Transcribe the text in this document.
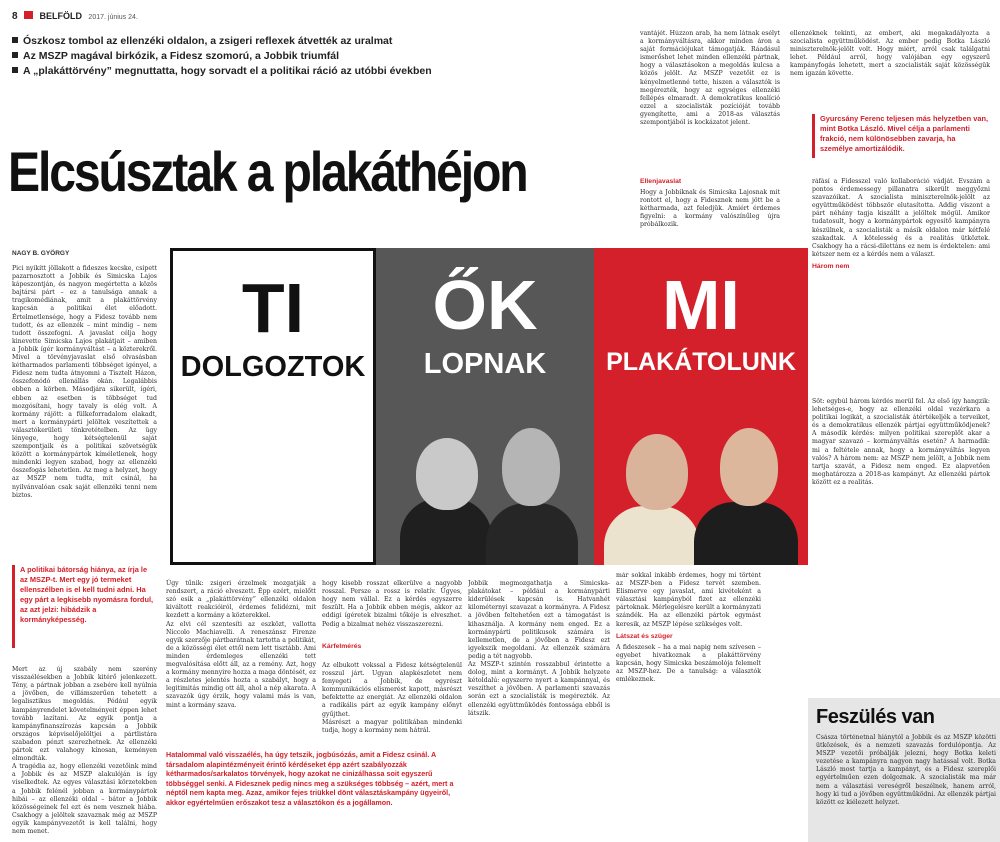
8 BELFÖLD 2017. június 24.
Ószkosz tombol az ellenzéki oldalon, a zsigeri reflexek átvették az uralmat
Az MSZP magával birkózik, a Fidesz szomorú, a Jobbik triumfál
A „plakáttörvény” megnuttatta, hogy sorvadt el a politikai ráció az utóbbi években
Elcsúsztak a plakáthéjon
NAGY B. GYÖRGY

Pici nyikítt jöllakott a fideszes kecske, csípett pazarnosztott a Jobbik és Simicska Lajos kápeszontján, és nagyon megértetta a közös bajtársi párt – ez a tanulsága annak a tragikomédiának, amit a plakáttörvény kapcsán a politikai élet előadott. Értelmetlensége, hogy a Fidesz tovább nem tudott, és az ellenzék – mint mindig – nem tudott összefogni. A javaslat célja hogy kinevette Simicska Lajos plakátjait – amiben a Jobbik ígér kormányváltást – a közterekről. Mivel a törvényjavaslat első olvasásban kétharmados parlamenti többséget igényel, a Fidesz nem tudta átnyomni a Tisztelt Házon, összefonódó ellenállás okán. Legalábbis ebben a körben. Másodjára sikerült, ígéri, ebben az esetben is többséget tud mozgósítani, hogy tavaly is elég volt. A kormány rájött: a fülkeforradalom elakadt, mert a kormánypárti jelöltek veszítettek a választókerületi tönkretételben. Az ügy lényege, hogy kétségtelenül saját szempontjaik és a politikai szövetségük között a kormánypártok kíméletlenek, hogy mindenki legyen szabad, hogy az ellenzéki összefogás lehetetlen. Az meg a helyzet, hogy az MSZP nem tudta, mit csinál, ha nyilvánvalóan csak saját ellenzéki tenni nem biztos.

TI
DOLGOZTOK
ŐK
LOPNAK
MI
PLAKÁTOLUNK
A politikai bátorság hiánya, az írja le az MSZP-t. Mert egy jó termeket ellenszélben is el kell tudni adni. Ha egy párt a legkisebb nyomásra fordul, az azt jelzi: hibádzik a kormányképesség.

Mert az új szabály nem szerény visszaélésekben a Jobbik kitérő jelenkezett. Tény, a pártnak jobban a zsebére kell nyúlnia a jövőben, de villámszerűen tehetett a legalisztikus megoldás. Pédául egyik kampányrendelet követelményeit éppen lehet tovább lazítani. Az egyik pontja a kampányfinanszírozás kapcsán a Jobbik országos képviselőjelöltjei a pártlistára szabadon pénzt szerezhetnek. Az ellenzéki pártok ezt valahogy kínosan, keményen elmondták.
A tragédia az, hogy ellenzéki vezetőink mind a Jobbik és az MSZP alakulóján is így viselkedtek. Az egyes választási körzetekben a Jobbik felénél jobban a kormánypártok hibái – az ellenzéki oldal – bátor a Jobbik közösségeinek fel ezt és nem vesznek hiába. Csakhogy a jelöltek szavaznak még az MSZP egyik kampányvezetőt is kell találni, hogy nem menet.

Úgy tűnik: zsigeri érzelmek mozgatják a rendszert, a ráció elveszett. Épp ezért, mielőtt szó esik a „plakáttörvény” ellenzéki oldalon kiváltott reakcióiról, érdemes felidézni, mit kezdett a kormány a közterekkel.
Az elvi cél szentesíti az eszközt, vallotta Niccolo Machiavelli. A reneszánsz Firenze egyik szerzője pártbarátnak tartotta a politikát, de a közösségi élet ettől nem lett tisztább. Ami minden érdemleges ellenzéki tett megvalósítása előtt áll, az a remény. Azt, hogy a kormány mennyire hozza a maga döntését, ez a részletes jelentés hozta a szabályt, hogy a legitimitás mindig ott áll, ahol a nép akarata. A szavazók úgy érzik, hogy valami más is van, mint a kormány szava.

hogy kisebb rosszat elkerülve a nagyobb rosszal. Persze a rossz is relatív. Ügyes, hogy nem vállal. Ez a kérdés egyszerre feszült. Ha a Jobbik ebben mégis, akkor az eddigi ígéretek bizalmi tőkéje is elveszhet. Pedig a bizalmat nehéz visszaszerezni.

Kárfelmérés

Az elbukott vokssal a Fidesz kétségtelenül rosszul járt. Ugyan alapkészletet nem fenyegeti a Jobbik, de egyrészt kommunikációs elismerést kapott, másrészt befektette az energiát. Az ellenzéki oldalon a radikális párt az egyik kampány előnyt gyűjthet.
Másrészt a magyar politikában mindenki tudja, hogy a kormány nem hátrál.

Jobbik megmozgathatja a Simicska-plakátokat – például a kormánypárti kiderülések kapcsán is. Hatvanhét kilométernyi szavazat a kormányra. A Fidesz a jövőben feltehetően ezt a támogatást is kihasználja. A kormány nem enged. Ez a kormánypárti politikusok számára is kellemetlen, de a jövőben a Fidesz ezt igyekszik megoldani. Az ellenzék számára pedig a tét nagyobb.
Az MSZP-t szintén rosszabbul érintette a dolog, mint a kormányt. A Jobbik helyzete kétoldalú: egyszerre nyert a kampánnyal, és veszíthet a jövőben. A parlamenti szavazás során ezt a szocialisták is megérezték. Az ellenzéki együttműködés fontossága ebből is látszik.

Hatalommal való visszaélés, ha úgy tetszik, jogbúsózás, amit a Fidesz csinál. A társadalom alapintézményeit érintő kérdéseket épp azért szabályozzák kétharmados/sarkalatos törvények, hogy azokat ne cinizálhassa soit egyszerű többséggel senki. A Fidesznek pedig nincs meg a szükséges többség – azért, mert a néptől nem kapta meg. Azaz, amikor fejes triükkel dönt választáskampány ügyeiről, akkor egyértelműen erőszakot tesz a választókon és a jogállamon.

vantájét. Húzzon arab, ha nem látnak esélyt a kormányváltásra, akkor minden áron a saját formációjukat támogatják. Ráadásul ismerőshet lehet minden ellenzéki pártnak, hogy a választásokon a megoldás kulcsa a közös jelölt. Az MSZP vezetőit ez is kényelmetlenné tette, hiszen a választók is megérezték, hogy az egységes ellenzéki fellépés elmaradt. A demokratikus koalíció ezzel a szocialisták pozícióját tovább gyengítette, ami a 2018-as választás szempontjából is kockázatot jelent.

Ellenjavaslat

Hogy a Jobbiknak és Simicska Lajosnak mit rontott el, hogy a Fidesznek nem jött be a kétharmada, azt feledjük. Amiért érdemes figyelni: a kormány valószínűleg újra próbálkozik.

már sokkal inkább érdemes, hogy mi történt az MSZP-ben a Fidesz tervét szemben. Elismerve egy javaslat, ami kivéteként a választási kampányból fizet az ellenzéki pártoknak. Mérlegelésre került a kormányzati szándék. Ha az ellenzéki pártok egymást keresik, az MSZP lépése szükséges volt.

Látszat és szüger

A fideszesek – ha a mai napig nem szívesen – egyebet hivatkoznak a plakáttörvény kapcsán, hogy Simicska beszámolója felemelt az MSZP-hez. De a tanulság: a választók emlékeznek.

ellenzéknek tekinti, az embert, aki megakadályozta a szocialista együttműködést. Az ember pedig Botka László miniszterelnök-jelölt volt. Hogy miért, arról csak találgatni lehet. Például arról, hogy valójában egy egyszerű kampányfogás lehetett, mert a szocialisták saját közösségük nem igazán követte.

Gyurcsány Ferenc teljesen más helyzetben van, mint Botka László. Mivel célja a parlamenti frakció, nem különösebben zavarja, ha személye amortizálódik.

ráfásí a Fidesszel való kollaboráció vádját. Évszám a pontos érdemessegy pillanatra sikerült meggyőzni szavazóikat. A szocialista miniszterelnök-jelölt az együttműködést többször elutasította. Addig viszont a párt néhány tagja kiszállt a jelöltek mögül. Amikor tudatosult, hogy a kormánypártok egyesítő kampányra készülnek, a szocialisták a másik oldalon már kétfelé szakadtak. A kötelesség és a realitás ütköztek. Csakhogy ha a rácsi-dilettáns ez nem is érdektelen: ami kétszer nem ez a kérdés nem a választ.

Három nem

Sőt: egybúl három kérdés merül fel. Az első így hangzik: lehetséges-e, hogy az ellenzéki oldal vezérkara a politikai logikát, a szocialisták átértékeljék a terveiket, és a demokratikus ellenzék pártjai együttműködjenek? A második kérdés: milyen politikai szereplőt akar a magyar szavazó – kormányváltás esetén? A harmadik: mi a feltétele annak, hogy a kormányváltás legyen valós? A három nem: az MSZP nem jelölt, a Jobbik nem tartja szavát, a Fidesz nem enged. Ez alapvetően meghatározza a 2018-as kampányt. Az ellenzéki pártok között ez a realitás.

Feszülés van

Császa történetnal hiánytól a Jobbik és az MSZP közötti ütközések, és a nemzeti szavazás fordulópontja. Az MSZP vezetői próbálják jelezni, hogy Botka keleti vezetése a kampányra nagyon nagy hatással volt. Botka László most tartja a kampányt, és a Fidesz szereplői egyértelműen ezen dolgoznak. A szocialisták ma már nem a választási vereségről beszélnek, hanem arról, hogy ki tud a jövőben együttműködni. Az ellenzék pártjai között ez kiélezett helyzet.
